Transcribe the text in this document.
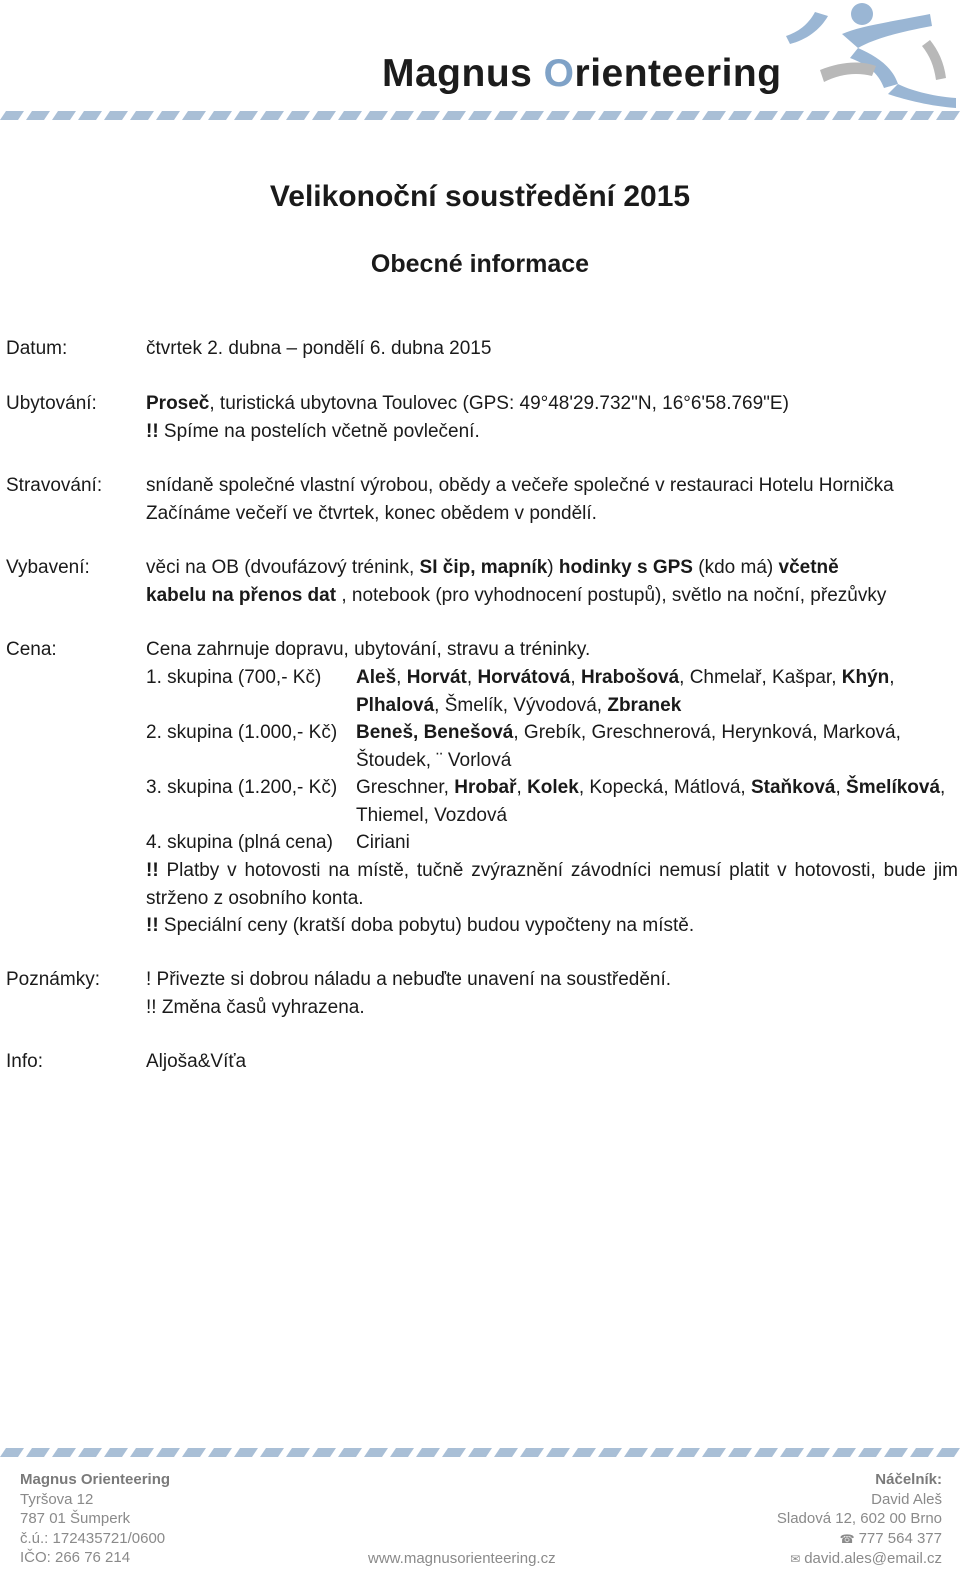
Magnus Orienteering
Velikonoční soustředění 2015
Obecné informace
Datum:	čtvrtek 2. dubna – pondělí 6. dubna 2015
Ubytování:	Proseč, turistická ubytovna Toulovec (GPS: 49°48'29.732"N, 16°6'58.769"E)
!! Spíme na postelích včetně povlečení.
Stravování: snídaně společné vlastní výrobou, obědy a večeře společné v restauraci Hotelu Hornička
Začínáme večeří ve čtvrtek, konec obědem v pondělí.
Vybavení:	věci na OB (dvoufázový trénink, SI čip, mapník) hodinky s GPS (kdo má) včetně
kabelu na přenos dat , notebook (pro vyhodnocení postupů), světlo na noční, přezůvky
Cena:	Cena zahrnuje dopravu, ubytování, stravu a tréninky.
1. skupina (700,- Kč) Aleš, Horvát, Horvátová, Hrabošová, Chmelař, Kašpar, Khýn, Plhalová, Šmelík, Vývodová, Zbranek
2. skupina (1.000,- Kč) Beneš, Benešová, Grebík, Greschnerová, Herynková, Marková, Štoudek, ¨ Vorlová
3. skupina (1.200,- Kč) Greschner, Hrobař, Kolek, Kopecká, Mátlová, Staňková, Šmelíková, Thiemel, Vozdová
4. skupina (plná cena) Ciriani
!! Platby v hotovosti na místě, tučně zvýraznění závodníci nemusí platit v hotovosti, bude jim strženo z osobního konta.
!! Speciální ceny (kratší doba pobytu) budou vypočteny na místě.
Poznámky: ! Přivezte si dobrou náladu a nebuďte unavení na soustředění.
!! Změna časů vyhrazena.
Info:	Aljoša&Víťa
Magnus Orienteering
Tyršova 12
787 01 Šumperk
č.ú.: 172435721/0600
IČO: 266 76 214	www.magnusorienteering.cz
Náčelník:
David Aleš
Sladová 12, 602 00 Brno
☎ 777 564 377
✉ david.ales@email.cz
